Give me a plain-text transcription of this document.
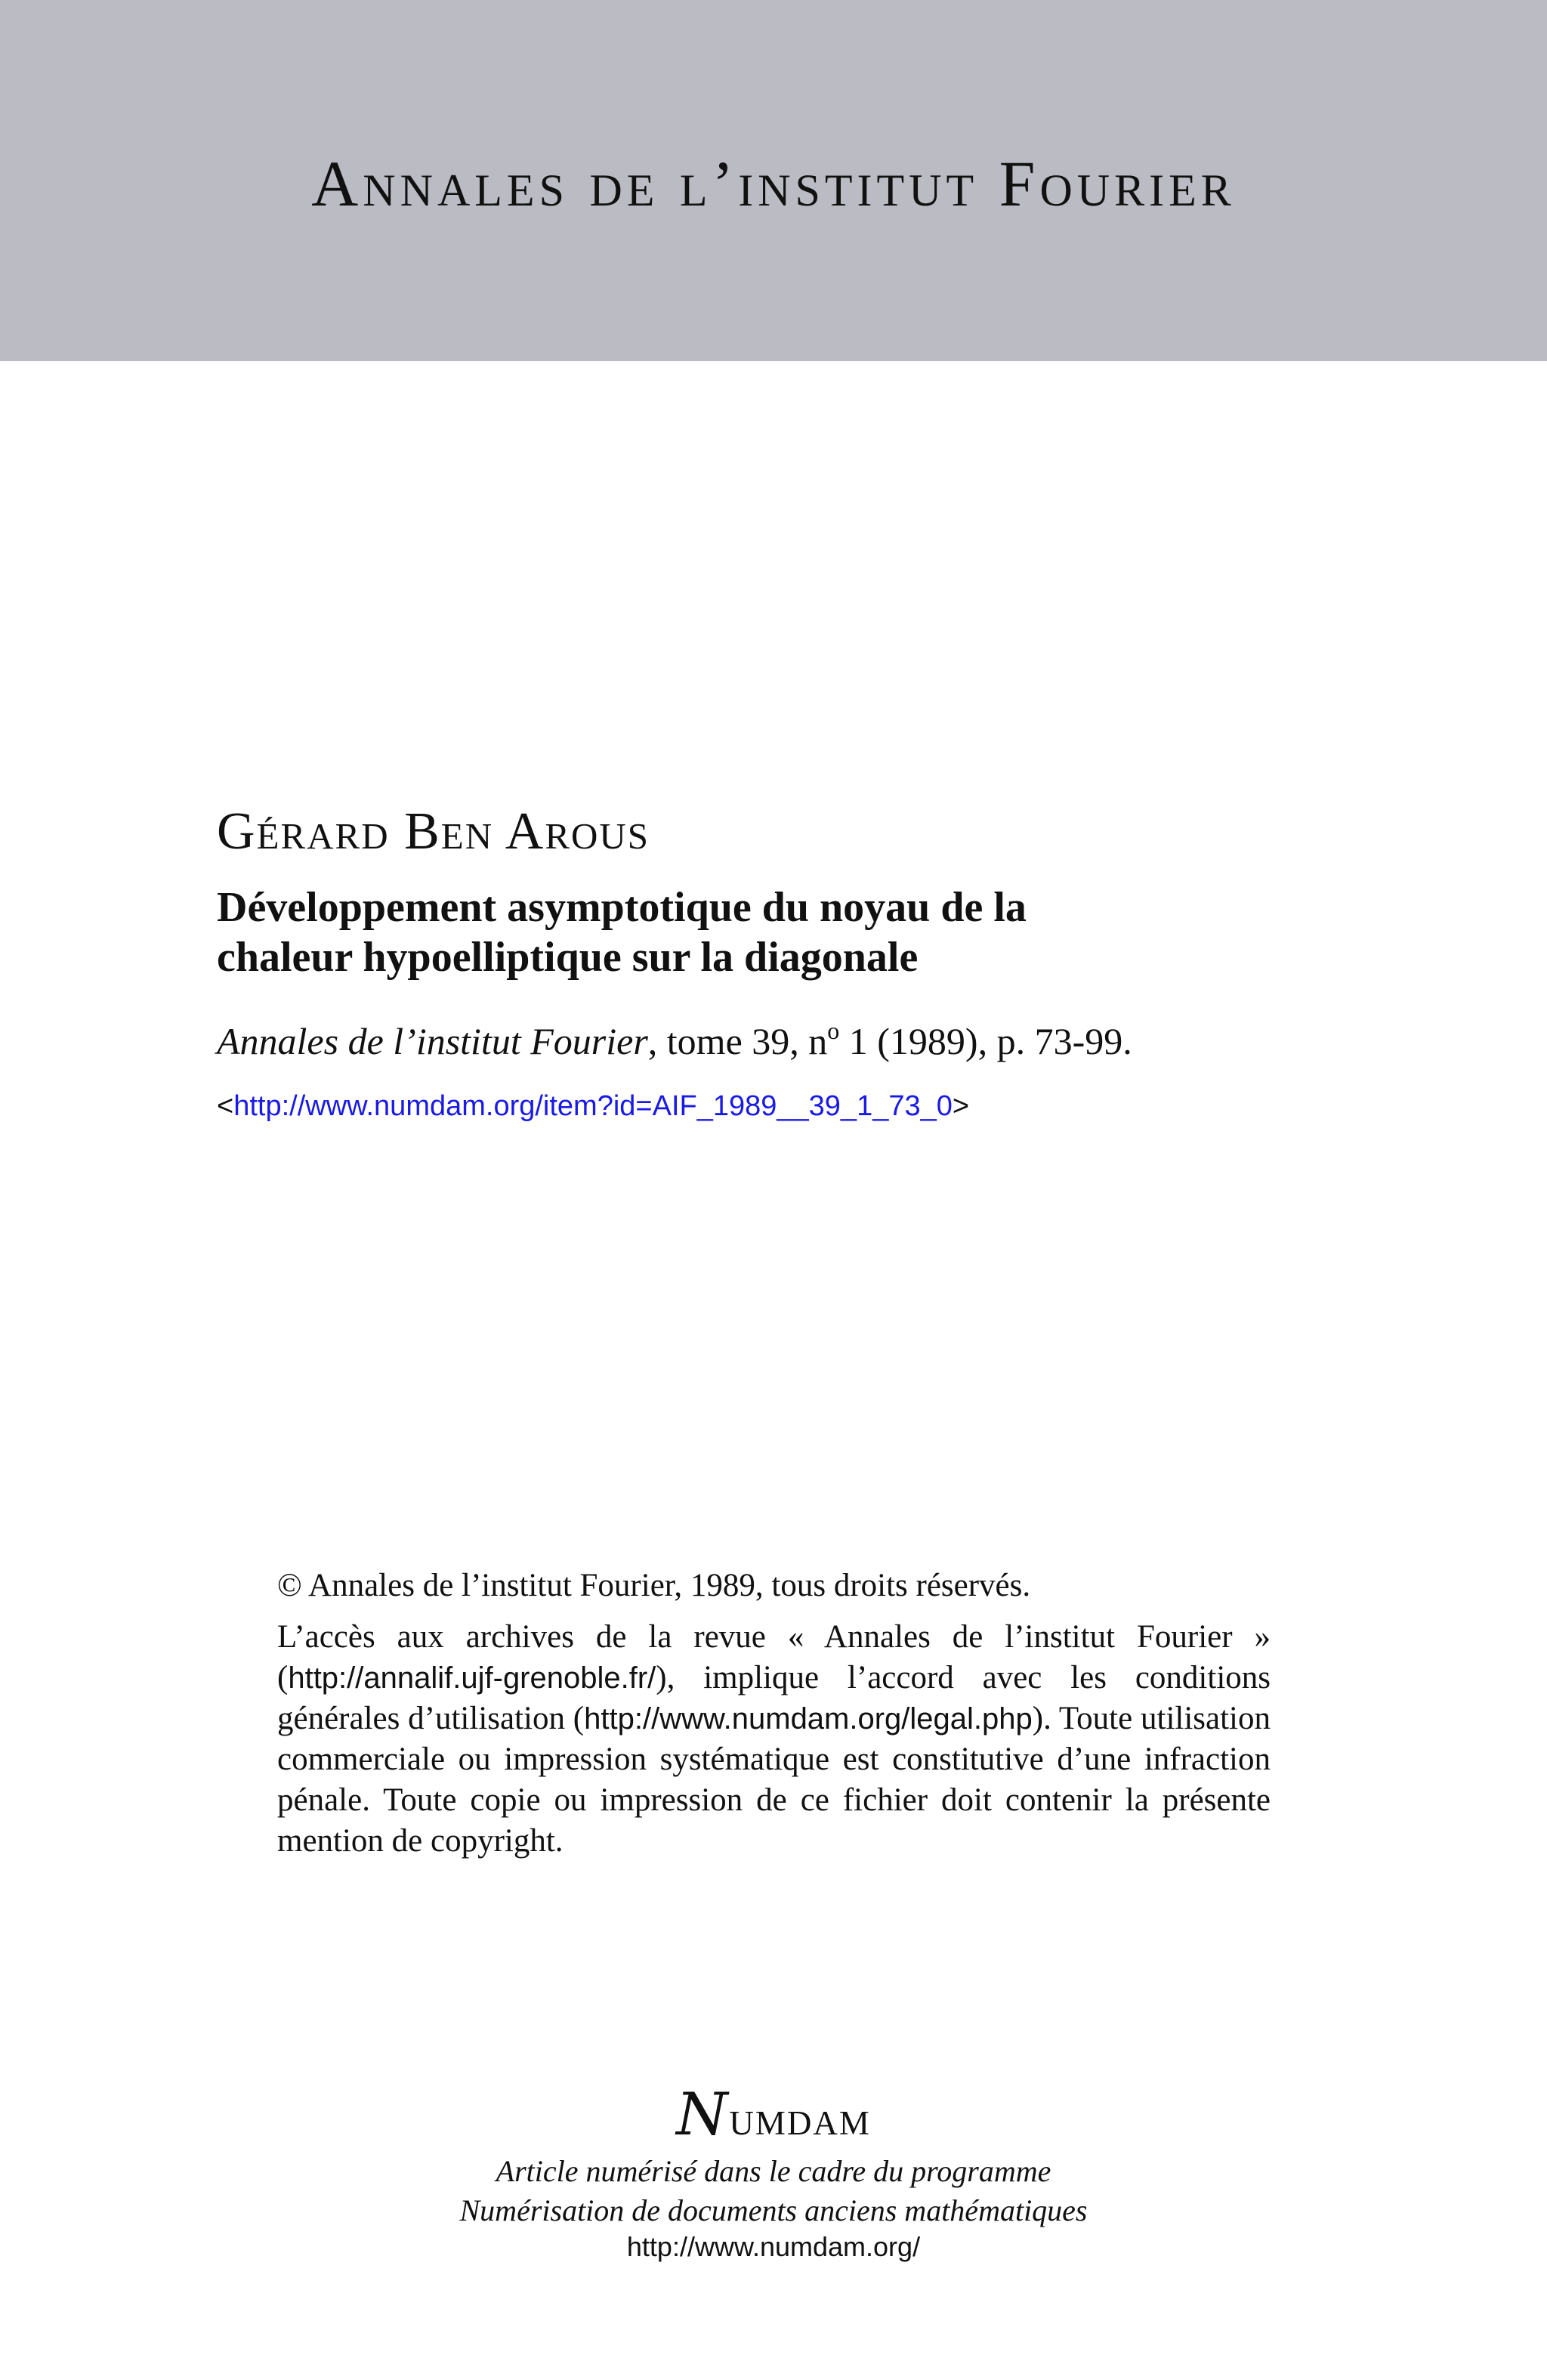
Annales de l’institut Fourier
Gérard Ben Arous
Développement asymptotique du noyau de la
chaleur hypoelliptique sur la diagonale
Annales de l’institut Fourier, tome 39, $n^o$ 1 (1989), p. 73-99.
<http://www.numdam.org/item?id=AIF_1989__39_1_73_0>

© Annales de l’institut Fourier, 1989, tous droits réservés.

L’accès aux archives de la revue « Annales de l’institut Fourier » (http://annalif.ujf-grenoble.fr/), implique l’accord avec les conditions générales d’utilisation (http://www.numdam.org/legal.php). Toute utilisation commerciale ou impression systématique est constitutive d’une infraction pénale. Toute copie ou impression de ce fichier doit contenir la présente mention de copyright.

Numdam

Article numérisé dans le cadre du programme

Numérisation de documents anciens mathématiques

http://www.numdam.org/
